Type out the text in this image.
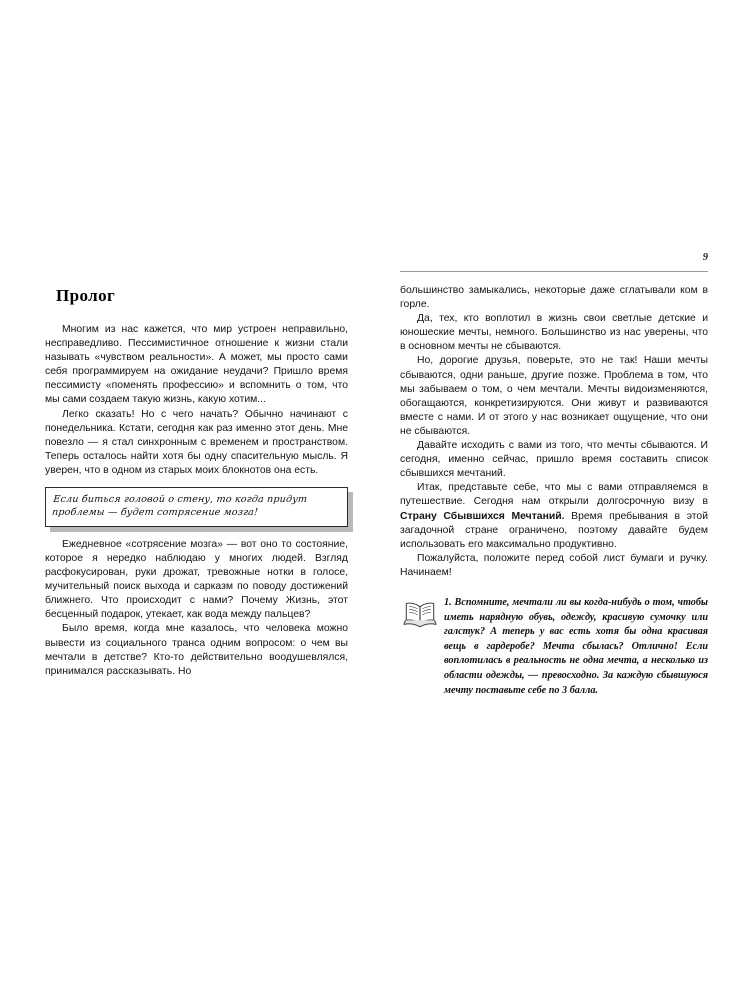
Пролог

Многим из нас кажется, что мир устроен неправильно, несправедливо. Пессимистичное отношение к жизни стали называть «чувством реальности». А может, мы просто сами себя программируем на ожидание неудачи? Пришло время пессимисту «поменять профессию» и вспомнить о том, что мы сами создаем такую жизнь, какую хотим...

Легко сказать! Но с чего начать? Обычно начинают с понедельника. Кстати, сегодня как раз именно этот день. Мне повезло — я стал синхронным с временем и пространством. Теперь осталось найти хотя бы одну спасительную мысль. Я уверен, что в одном из старых моих блокнотов она есть.

Если биться головой о стену, то когда придут проблемы — будет сотрясение мозга!

Ежедневное «сотрясение мозга» — вот оно то состояние, которое я нередко наблюдаю у многих людей. Взгляд расфокусирован, руки дрожат, тревожные нотки в голосе, мучительный поиск выхода и сарказм по поводу достижений ближнего. Что происходит с нами? Почему Жизнь, этот бесценный подарок, утекает, как вода между пальцев?

Было время, когда мне казалось, что человека можно вывести из социального транса одним вопросом: о чем вы мечтали в детстве? Кто-то действительно воодушевлялся, принимался рассказывать. Но

9

большинство замыкались, некоторые даже сглатывали ком в горле.

Да, тех, кто воплотил в жизнь свои светлые детские и юношеские мечты, немного. Большинство из нас уверены, что в основном мечты не сбываются.

Но, дорогие друзья, поверьте, это не так! Наши мечты сбываются, одни раньше, другие позже. Проблема в том, что мы забываем о том, о чем мечтали. Мечты видоизменяются, обогащаются, конкретизируются. Они живут и развиваются вместе с нами. И от этого у нас возникает ощущение, что они не сбываются.

Давайте исходить с вами из того, что мечты сбываются. И сегодня, именно сейчас, пришло время составить список сбывшихся мечтаний.

Итак, представьте себе, что мы с вами отправляемся в путешествие. Сегодня нам открыли долгосрочную визу в Страну Сбывшихся Мечтаний. Время пребывания в этой загадочной стране ограничено, поэтому давайте будем использовать его максимально продуктивно.

Пожалуйста, положите перед собой лист бумаги и ручку. Начинаем!

1. Вспомните, мечтали ли вы когда-нибудь о том, чтобы иметь нарядную обувь, одежду, красивую сумочку или галстук? А теперь у вас есть хотя бы одна красивая вещь в гардеробе? Мечта сбылась? Отлично! Если воплотилась в реальность не одна мечта, а несколько из области одежды, — превосходно. За каждую сбывшуюся мечту поставьте себе по 3 балла.
